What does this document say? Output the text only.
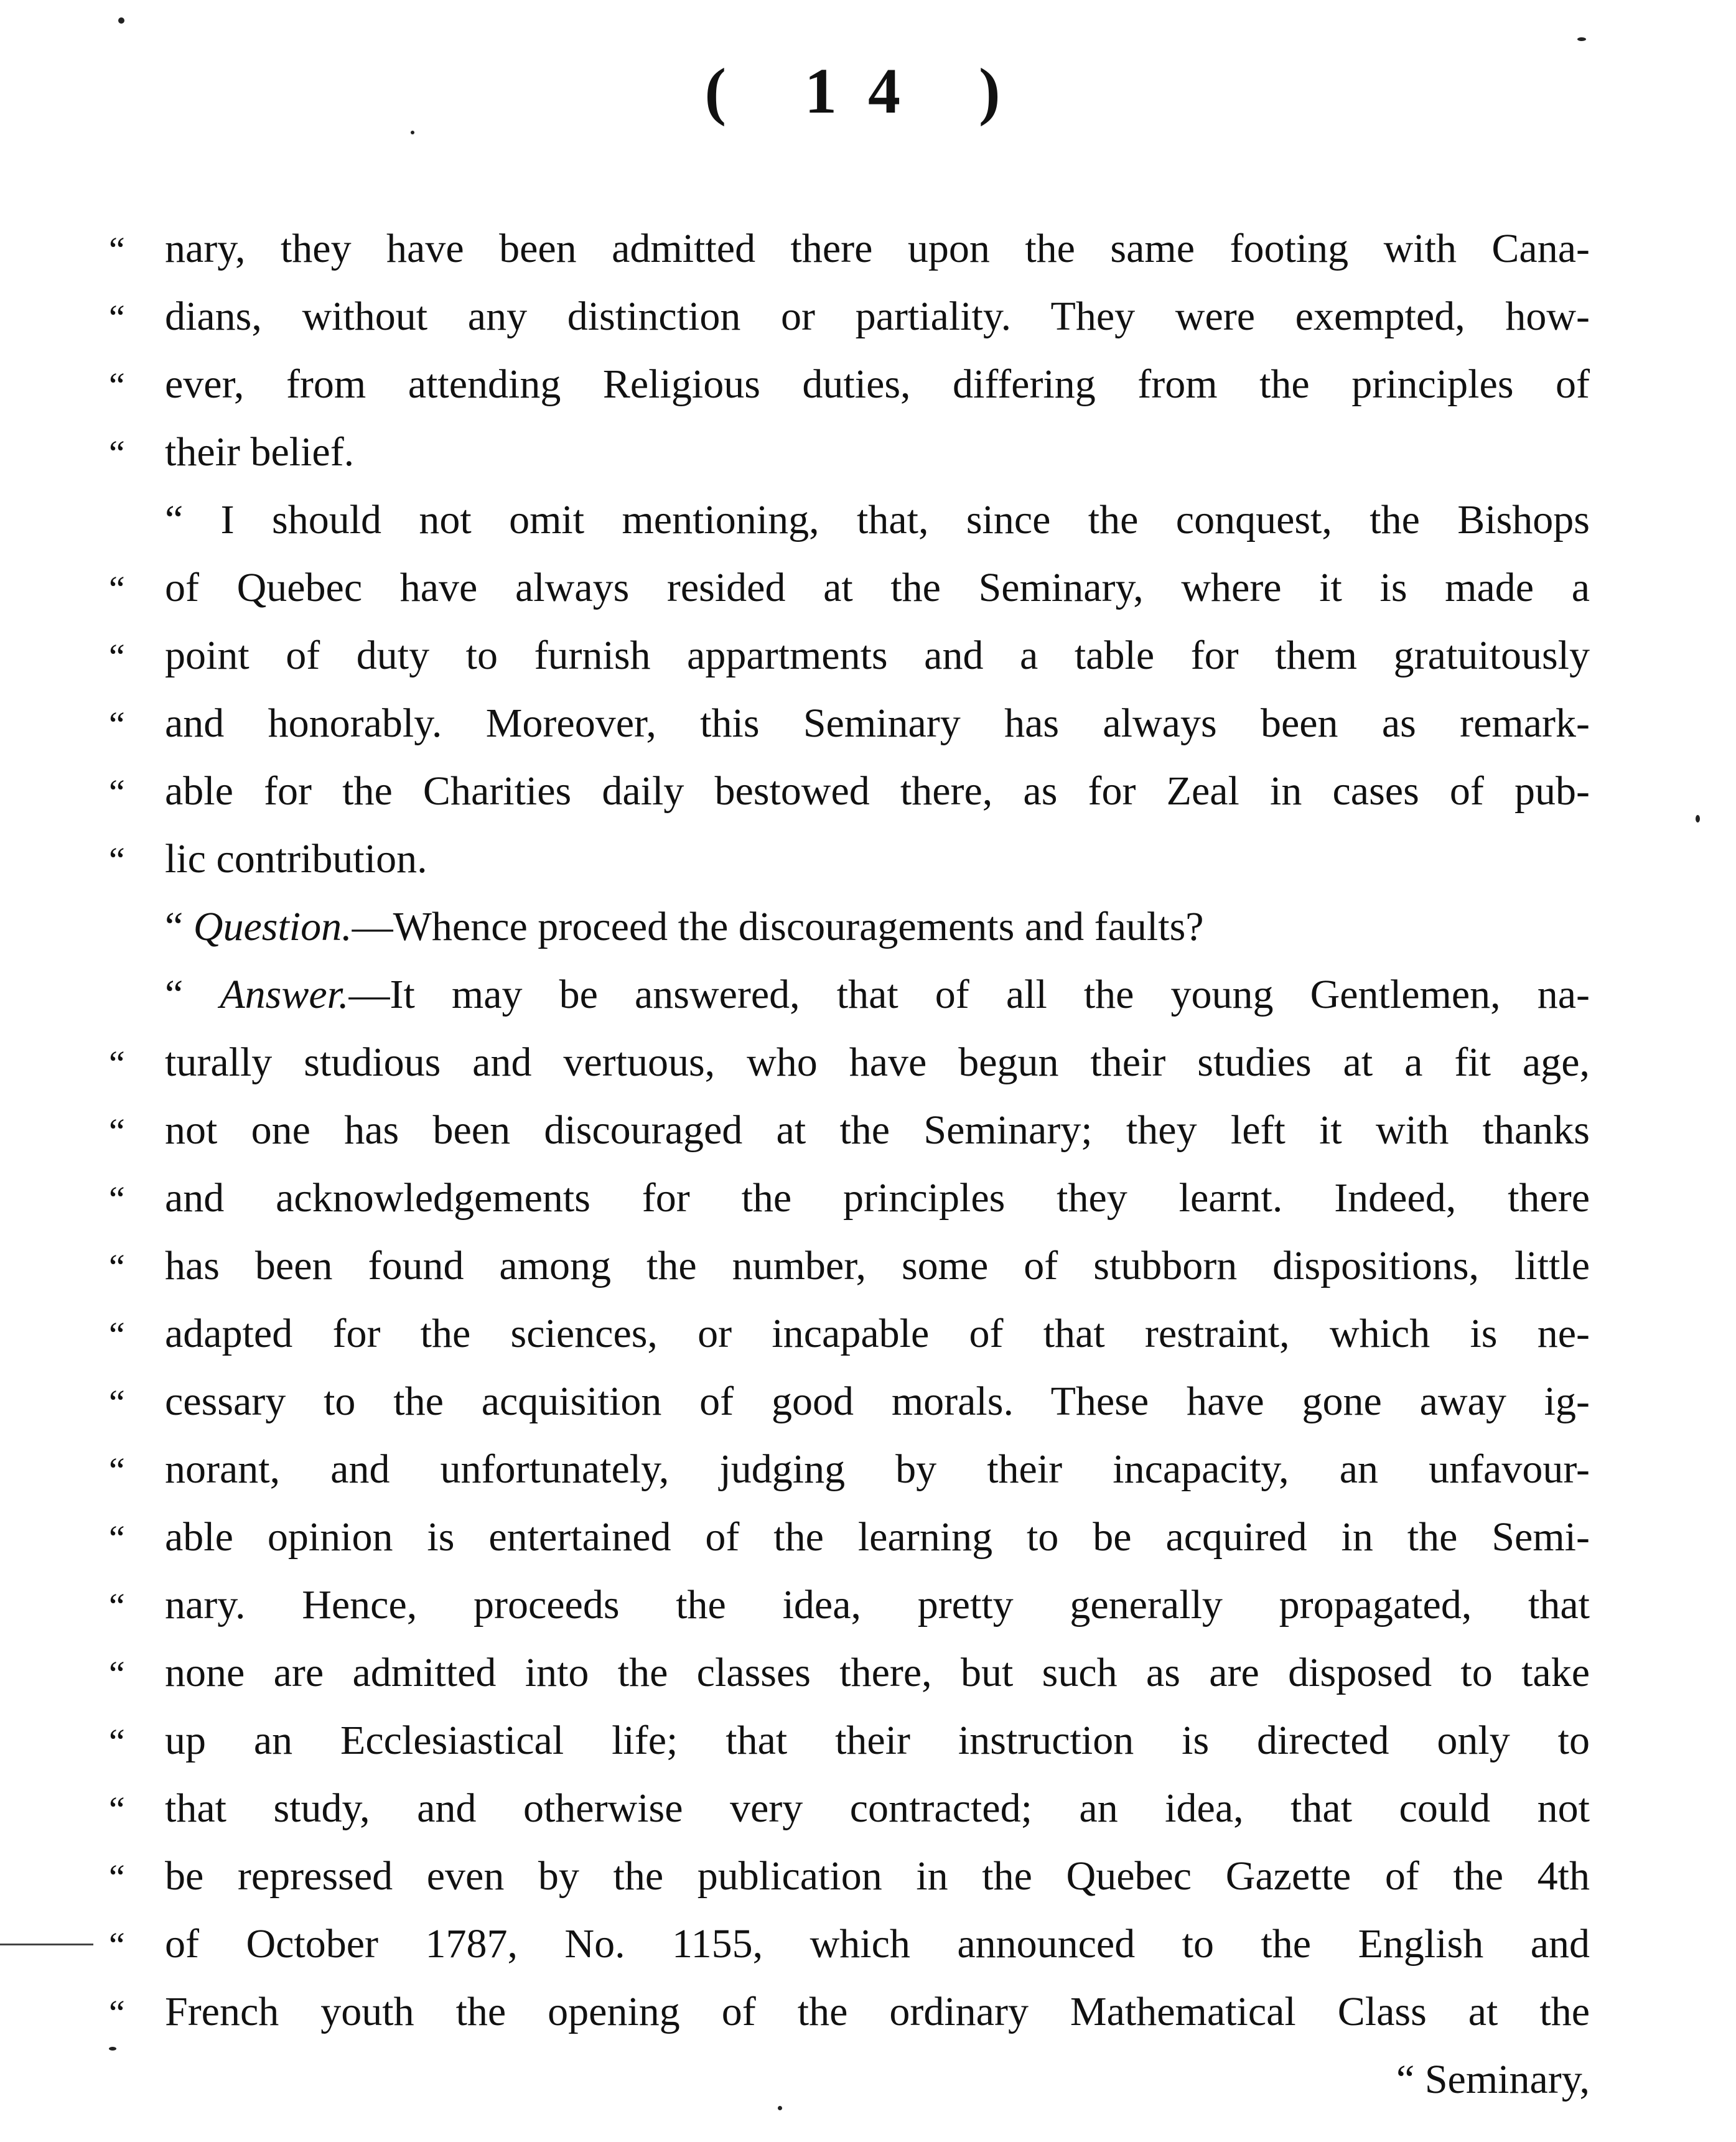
( 14 )
“ nary, they have been admitted there upon the same footing with Cana-
“ dians, without any distinction or partiality. They were exempted, how-
“ ever, from attending Religious duties, differing from the principles of
“ their belief.
“ I should not omit mentioning, that, since the conquest, the Bishops
“ of Quebec have always resided at the Seminary, where it is made a
“ point of duty to furnish appartments and a table for them gratuitously
“ and honorably. Moreover, this Seminary has always been as remark-
“ able for the Charities daily bestowed there, as for Zeal in cases of pub-
“ lic contribution.
“ Question.—Whence proceed the discouragements and faults?
“ Answer.—It may be answered, that of all the young Gentlemen, na-
“ turally studious and vertuous, who have begun their studies at a fit age,
“ not one has been discouraged at the Seminary; they left it with thanks
“ and acknowledgements for the principles they learnt. Indeed, there
“ has been found among the number, some of stubborn dispositions, little
“ adapted for the sciences, or incapable of that restraint, which is ne-
“ cessary to the acquisition of good morals. These have gone away ig-
“ norant, and unfortunately, judging by their incapacity, an unfavour-
“ able opinion is entertained of the learning to be acquired in the Semi-
“ nary. Hence, proceeds the idea, pretty generally propagated, that
“ none are admitted into the classes there, but such as are disposed to take
“ up an Ecclesiastical life; that their instruction is directed only to
“ that study, and otherwise very contracted; an idea, that could not
“ be repressed even by the publication in the Quebec Gazette of the 4th
“ of October 1787, No. 1155, which announced to the English and
“ French youth the opening of the ordinary Mathematical Class at the
“ Seminary,
